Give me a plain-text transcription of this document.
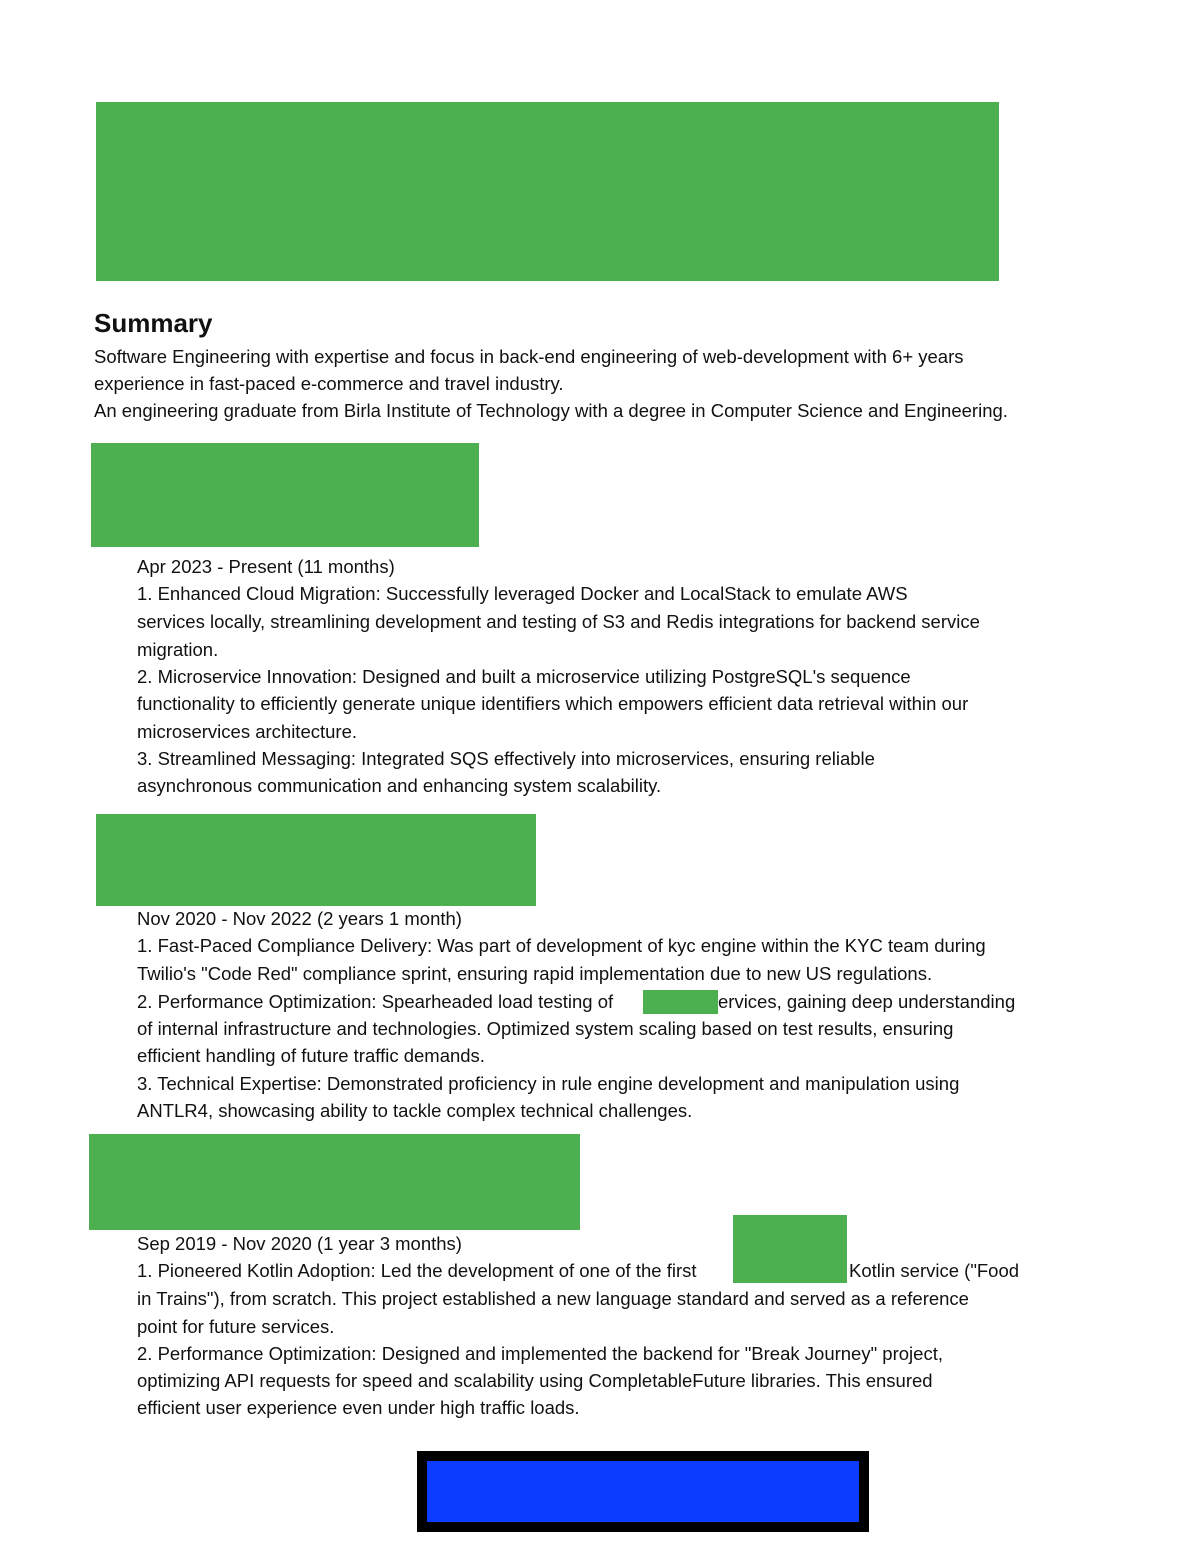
Summary
Software Engineering with expertise and focus in back-end engineering of web-development with 6+ years
experience in fast-paced e-commerce and travel industry.
An engineering graduate from Birla Institute of Technology with a degree in Computer Science and Engineering.
Apr 2023 - Present (11 months)
1. Enhanced Cloud Migration: Successfully leveraged Docker and LocalStack to emulate AWS
services locally, streamlining development and testing of S3 and Redis integrations for backend service
migration.
2. Microservice Innovation: Designed and built a microservice utilizing PostgreSQL's sequence
functionality to efficiently generate unique identifiers which empowers efficient data retrieval within our
microservices architecture.
3. Streamlined Messaging: Integrated SQS effectively into microservices, ensuring reliable
asynchronous communication and enhancing system scalability.
Nov 2020 - Nov 2022 (2 years 1 month)
1. Fast-Paced Compliance Delivery: Was part of development of kyc engine within the KYC team during
Twilio's "Code Red" compliance sprint, ensuring rapid implementation due to new US regulations.
2. Performance Optimization: Spearheaded load testing of	ervices, gaining deep understanding
of internal infrastructure and technologies. Optimized system scaling based on test results, ensuring
efficient handling of future traffic demands.
3. Technical Expertise: Demonstrated proficiency in rule engine development and manipulation using
ANTLR4, showcasing ability to tackle complex technical challenges.
Sep 2019 - Nov 2020 (1 year 3 months)
1. Pioneered Kotlin Adoption: Led the development of one of the first	Kotlin service ("Food
in Trains"), from scratch. This project established a new language standard and served as a reference
point for future services.
2. Performance Optimization: Designed and implemented the backend for "Break Journey" project,
optimizing API requests for speed and scalability using CompletableFuture libraries. This ensured
efficient user experience even under high traffic loads.
